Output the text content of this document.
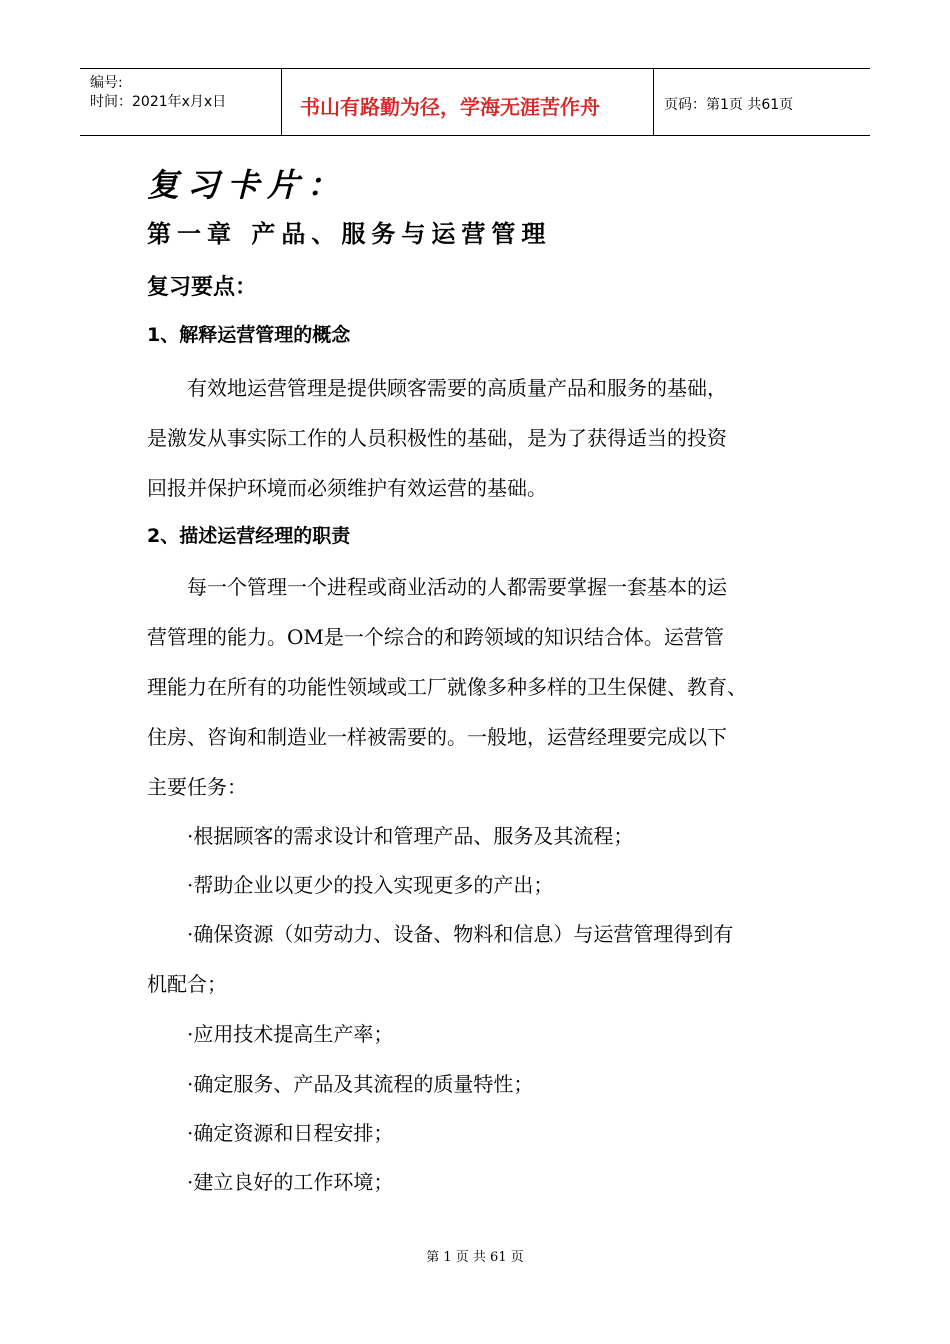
编号:
时间：2021年x月x日	书山有路勤为径，学海无涯苦作舟	页码：第1页 共61页
复习卡片：
第一章 产品、服务与运营管理
复习要点：
1、解释运营管理的概念
有效地运营管理是提供顾客需要的高质量产品和服务的基础，
是激发从事实际工作的人员积极性的基础，是为了获得适当的投资
回报并保护环境而必须维护有效运营的基础。
2、描述运营经理的职责
每一个管理一个进程或商业活动的人都需要掌握一套基本的运
营管理的能力。OM是一个综合的和跨领域的知识结合体。运营管
理能力在所有的功能性领域或工厂就像多种多样的卫生保健、教育、
住房、咨询和制造业一样被需要的。一般地，运营经理要完成以下
主要任务：
·根据顾客的需求设计和管理产品、服务及其流程；
·帮助企业以更少的投入实现更多的产出；
·确保资源（如劳动力、设备、物料和信息）与运营管理得到有
机配合；
·应用技术提高生产率；
·确定服务、产品及其流程的质量特性；
·确定资源和日程安排；
·建立良好的工作环境；
第 1 页 共 61 页
